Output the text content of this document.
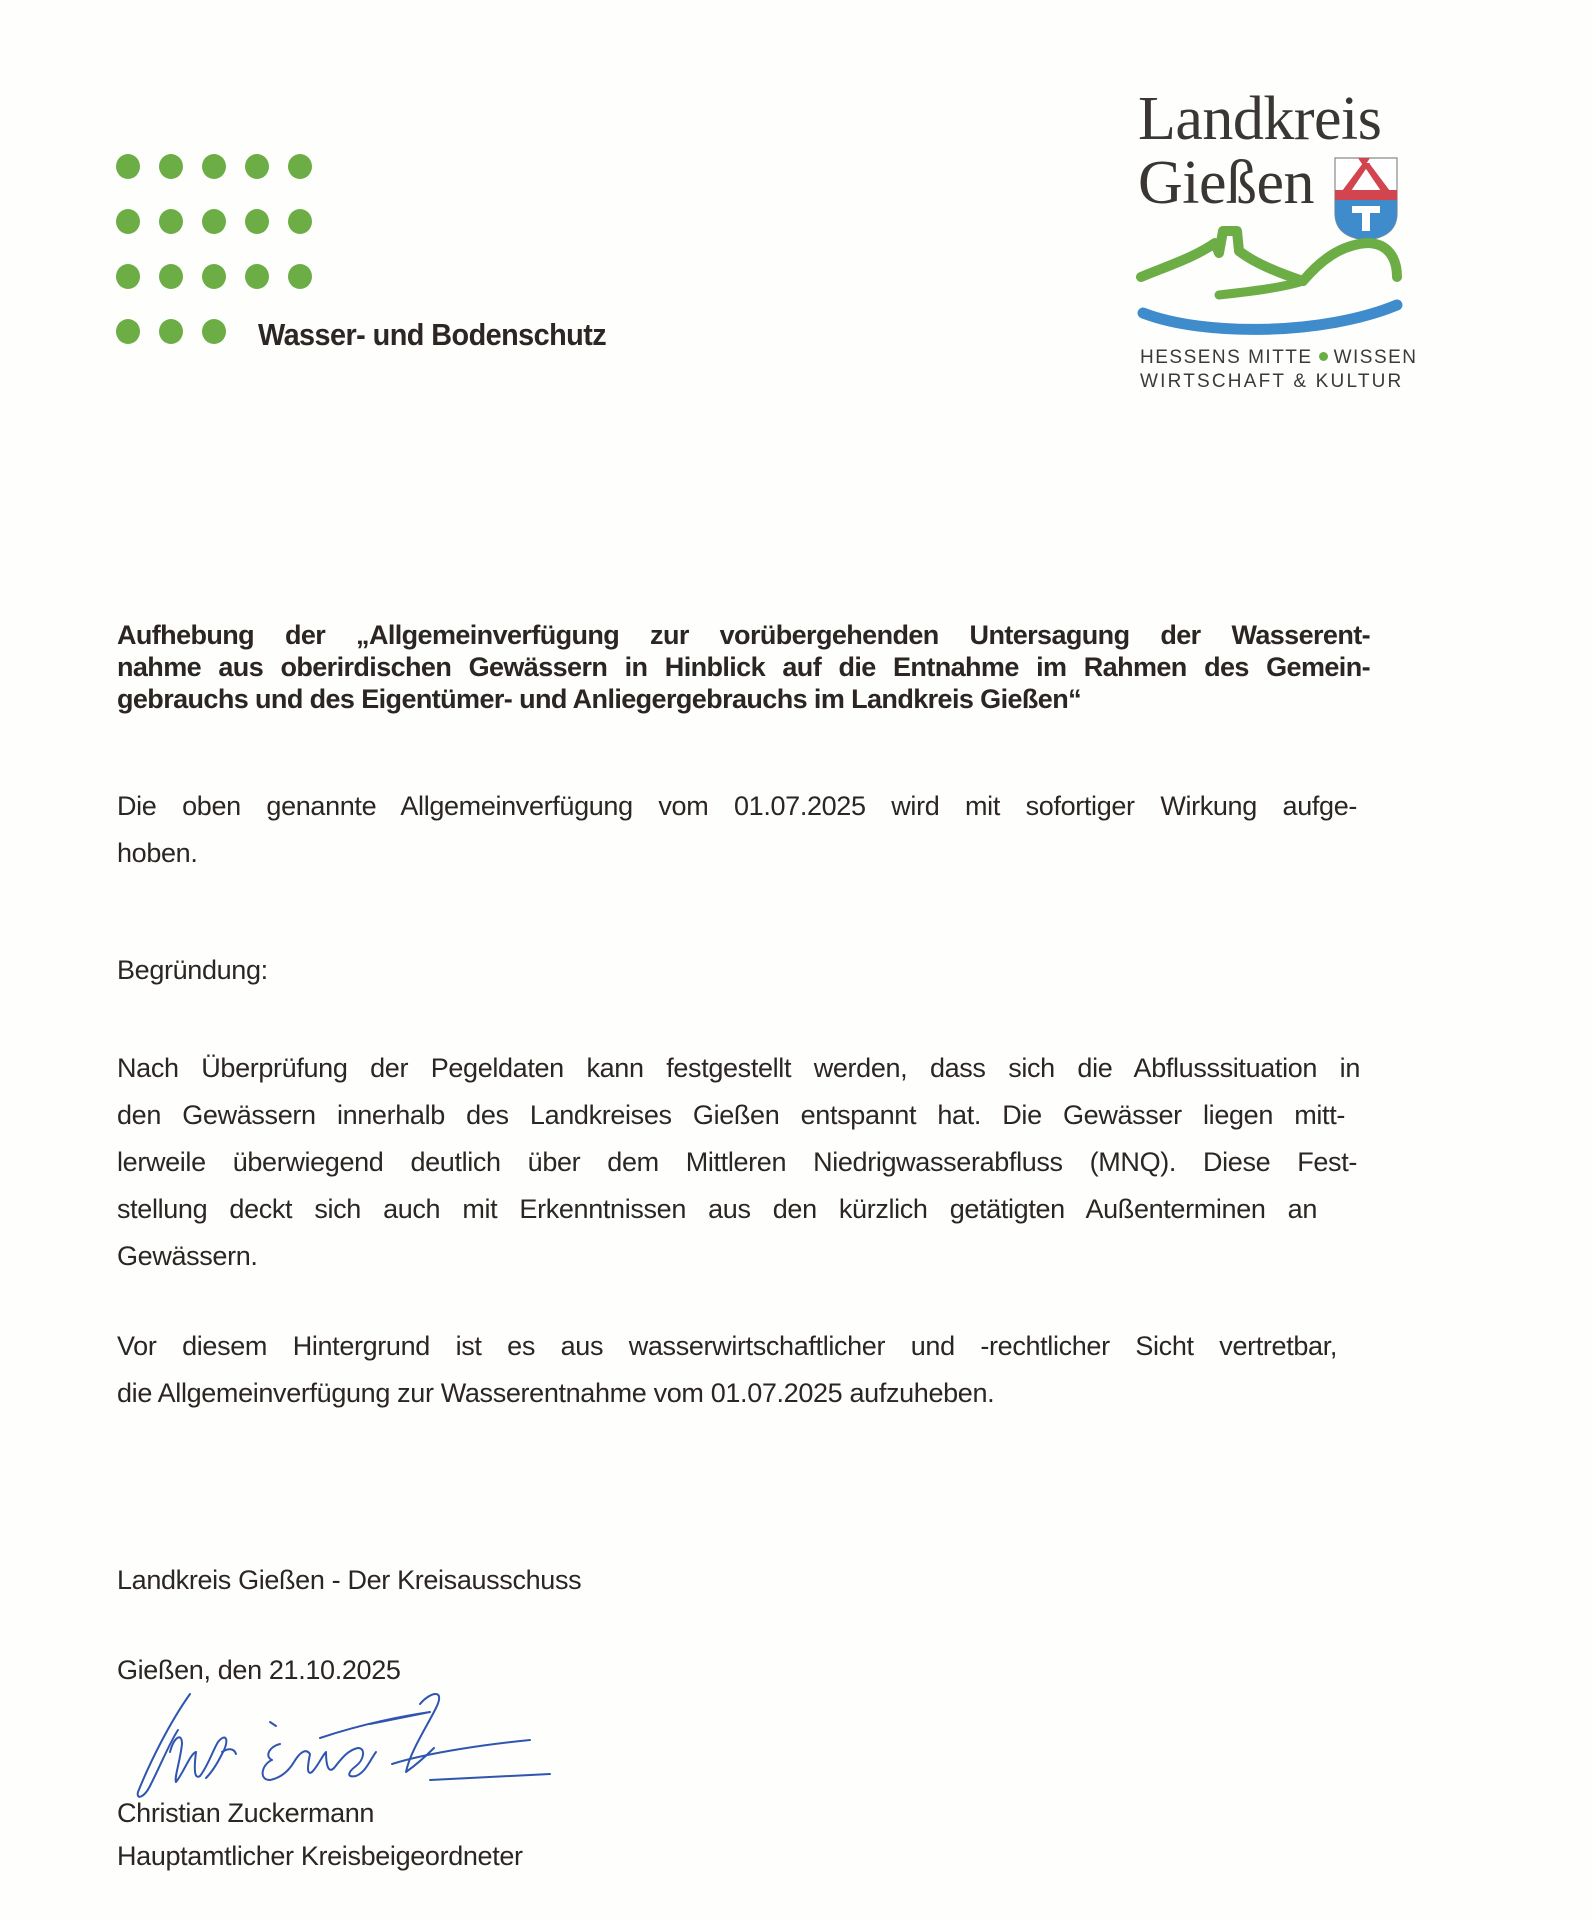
Wasser- und Bodenschutz
Landkreis
Gießen
HESSENS MITTE WISSEN
WIRTSCHAFT & KULTUR
Aufhebung der „Allgemeinverfügung zur vorübergehenden Untersagung der Wasserent-
nahme aus oberirdischen Gewässern in Hinblick auf die Entnahme im Rahmen des Gemein-
gebrauchs und des Eigentümer- und Anliegergebrauchs im Landkreis Gießen“
Die oben genannte Allgemeinverfügung vom 01.07.2025 wird mit sofortiger Wirkung aufge-
hoben.
Begründung:
Nach Überprüfung der Pegeldaten kann festgestellt werden, dass sich die Abflusssituation in
den Gewässern innerhalb des Landkreises Gießen entspannt hat. Die Gewässer liegen mitt-
lerweile überwiegend deutlich über dem Mittleren Niedrigwasserabfluss (MNQ). Diese Fest-
stellung deckt sich auch mit Erkenntnissen aus den kürzlich getätigten Außenterminen an
Gewässern.
Vor diesem Hintergrund ist es aus wasserwirtschaftlicher und -rechtlicher Sicht vertretbar,
die Allgemeinverfügung zur Wasserentnahme vom 01.07.2025 aufzuheben.
Landkreis Gießen - Der Kreisausschuss
Gießen, den 21.10.2025
Christian Zuckermann
Hauptamtlicher Kreisbeigeordneter
